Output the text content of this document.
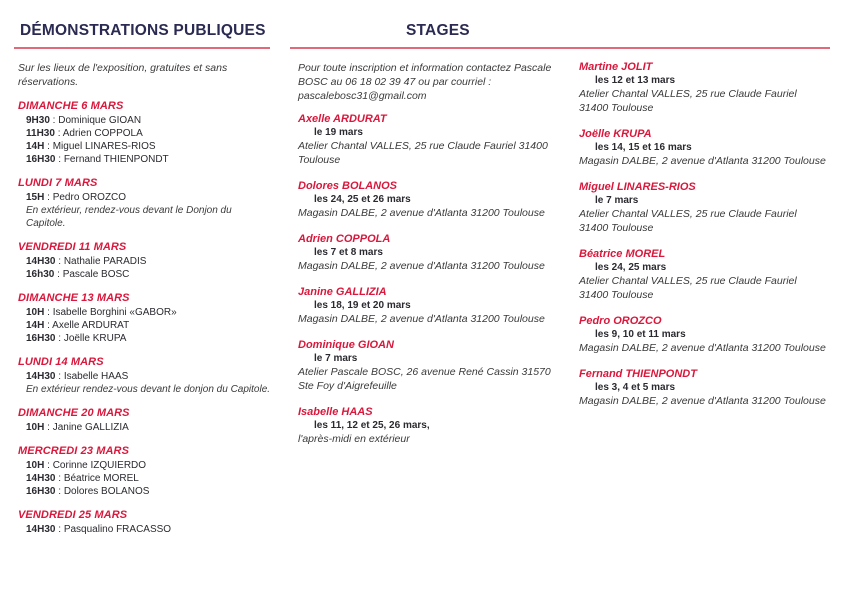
DÉMONSTRATIONS PUBLIQUES

Sur les lieux de l'exposition, gratuites et sans réservations.

DIMANCHE 6 MARS

9H30 : Dominique GIOAN

11H30 : Adrien COPPOLA

14H : Miguel LINARES-RIOS

16H30 : Fernand THIENPONDT

LUNDI 7 MARS

15H : Pedro OROZCO

En extérieur, rendez-vous devant le Donjon du Capitole.

VENDREDI 11 MARS

14H30 : Nathalie PARADIS

16h30 : Pascale BOSC

DIMANCHE 13 MARS

10H : Isabelle Borghini «GABOR»

14H : Axelle ARDURAT

16H30 : Joëlle KRUPA

LUNDI 14 MARS

14H30 : Isabelle HAAS

En extérieur rendez-vous devant le donjon du Capitole.

DIMANCHE 20 MARS

10H : Janine GALLIZIA

MERCREDI 23 MARS

10H : Corinne IZQUIERDO

14H30 : Béatrice MOREL

16H30 : Dolores BOLANOS

VENDREDI 25 MARS

14H30 : Pasqualino FRACASSO

STAGES

Pour toute inscription et information contactez Pascale BOSC au 06 18 02 39 47 ou par courriel : pascalebosc31@gmail.com

Axelle ARDURAT

le 19 mars

Atelier Chantal VALLES, 25 rue Claude Fauriel 31400 Toulouse

Dolores BOLANOS

les 24, 25 et 26 mars

Magasin DALBE, 2 avenue d'Atlanta 31200 Toulouse

Adrien COPPOLA

les 7 et 8 mars

Magasin DALBE, 2 avenue d'Atlanta 31200 Toulouse

Janine GALLIZIA

les 18, 19 et 20 mars

Magasin DALBE, 2 avenue d'Atlanta 31200 Toulouse

Dominique GIOAN

le 7 mars

Atelier Pascale BOSC, 26 avenue René Cassin 31570 Ste Foy d'Aigrefeuille

Isabelle HAAS

les 11, 12 et 25, 26 mars,

l'après-midi en extérieur

Martine JOLIT

les 12 et 13 mars

Atelier Chantal VALLES, 25 rue Claude Fauriel 31400 Toulouse

Joëlle KRUPA

les 14, 15 et 16 mars

Magasin DALBE, 2 avenue d'Atlanta 31200 Toulouse

Miguel LINARES-RIOS

le 7 mars

Atelier Chantal VALLES, 25 rue Claude Fauriel 31400 Toulouse

Béatrice MOREL

les 24, 25 mars

Atelier Chantal VALLES, 25 rue Claude Fauriel 31400 Toulouse

Pedro OROZCO

les 9, 10 et 11 mars

Magasin DALBE, 2 avenue d'Atlanta 31200 Toulouse

Fernand THIENPONDT

les 3, 4 et 5 mars

Magasin DALBE, 2 avenue d'Atlanta 31200 Toulouse
